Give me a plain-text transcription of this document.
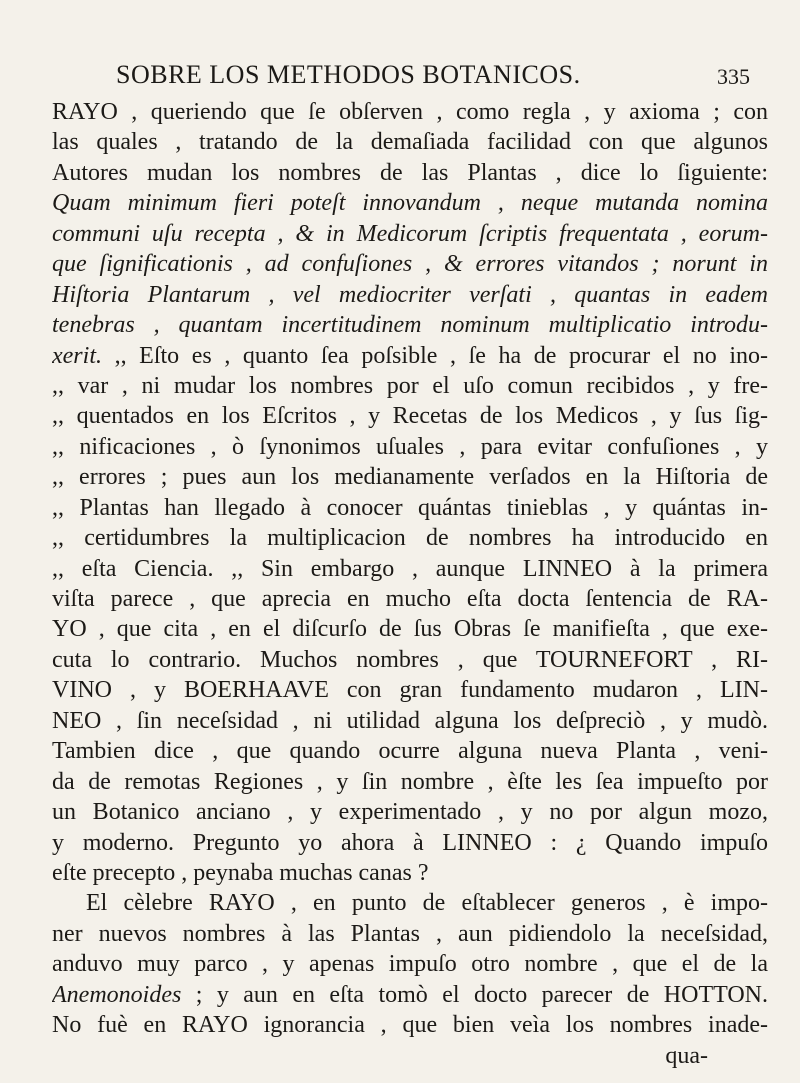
SOBRE LOS METHODOS BOTANICOS.	335
RAYO , queriendo que ſe obſerven , como regla , y axioma ; con
las quales , tratando de la demaſiada facilidad con que algunos
Autores mudan los nombres de las Plantas , dice lo ſiguiente:
Quam minimum fieri poteſt innovandum , neque mutanda nomina
communi uſu recepta , & in Medicorum ſcriptis frequentata , eorum-
que ſignificationis , ad confuſiones , & errores vitandos ; norunt in
Hiſtoria Plantarum , vel mediocriter verſati , quantas in eadem
tenebras , quantam incertitudinem nominum multiplicatio introdu-
xerit. ,, Eſto es , quanto ſea poſsible , ſe ha de procurar el no ino-
,, var , ni mudar los nombres por el uſo comun recibidos , y fre-
,, quentados en los Eſcritos , y Recetas de los Medicos , y ſus ſig-
,, nificaciones , ò ſynonimos uſuales , para evitar confuſiones , y
,, errores ; pues aun los medianamente verſados en la Hiſtoria de
,, Plantas han llegado à conocer quántas tinieblas , y quántas in-
,, certidumbres la multiplicacion de nombres ha introducido en
,, eſta Ciencia. ,, Sin embargo , aunque LINNEO à la primera
viſta parece , que aprecia en mucho eſta docta ſentencia de RA-
YO , que cita , en el diſcurſo de ſus Obras ſe manifieſta , que exe-
cuta lo contrario. Muchos nombres , que TOURNEFORT , RI-
VINO , y BOERHAAVE con gran fundamento mudaron , LIN-
NEO , ſin neceſsidad , ni utilidad alguna los deſpreciò , y mudò.
Tambien dice , que quando ocurre alguna nueva Planta , veni-
da de remotas Regiones , y ſin nombre , èſte les ſea impueſto por
un Botanico anciano , y experimentado , y no por algun mozo,
y moderno. Pregunto yo ahora à LINNEO : ¿ Quando impuſo
eſte precepto , peynaba muchas canas ?
El cèlebre RAYO , en punto de eſtablecer generos , è impo-
ner nuevos nombres à las Plantas , aun pidiendolo la neceſsidad,
anduvo muy parco , y apenas impuſo otro nombre , que el de la
Anemonoides ; y aun en eſta tomò el docto parecer de HOTTON.
No fuè en RAYO ignorancia , que bien veìa los nombres inade-
qua-
